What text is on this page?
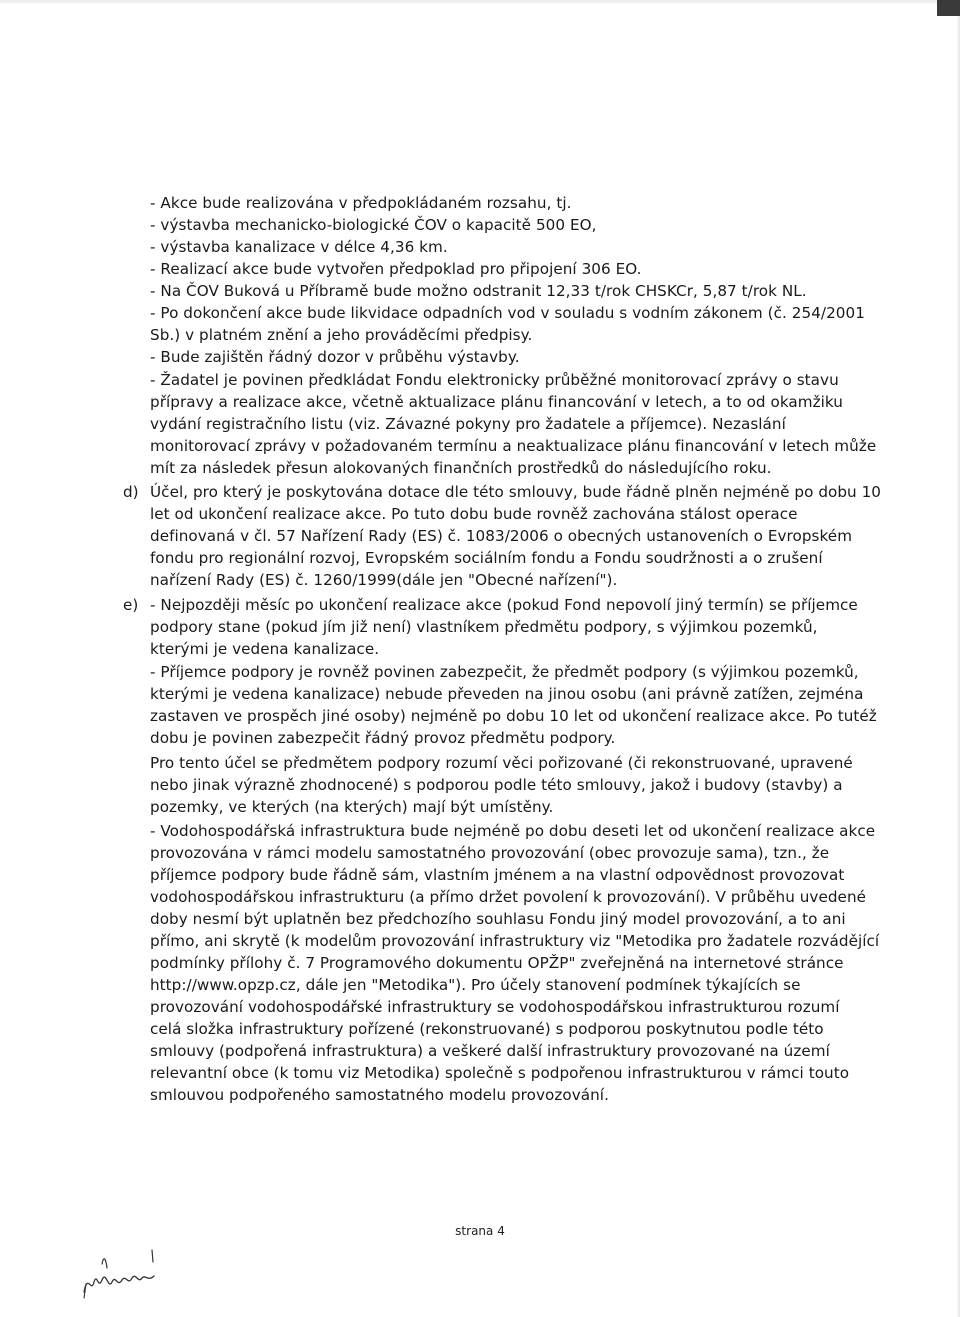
- Akce bude realizována v předpokládaném rozsahu, tj.
- výstavba mechanicko-biologické ČOV o kapacitě 500 EO,
- výstavba kanalizace v délce 4,36 km.
- Realizací akce bude vytvořen předpoklad pro připojení 306 EO.
- Na ČOV Buková u Příbramě bude možno odstranit 12,33 t/rok CHSKCr, 5,87 t/rok NL.
- Po dokončení akce bude likvidace odpadních vod v souladu s vodním zákonem (č. 254/2001
Sb.) v platném znění a jeho prováděcími předpisy.
- Bude zajištěn řádný dozor v průběhu výstavby.
- Žadatel je povinen předkládat Fondu elektronicky průběžné monitorovací zprávy o stavu
přípravy a realizace akce, včetně aktualizace plánu financování v letech, a to od okamžiku
vydání registračního listu (viz. Závazné pokyny pro žadatele a příjemce). Nezaslání
monitorovací zprávy v požadovaném termínu a neaktualizace plánu financování v letech může
mít za následek přesun alokovaných finančních prostředků do následujícího roku.
d) Účel, pro který je poskytována dotace dle této smlouvy, bude řádně plněn nejméně po dobu 10
let od ukončení realizace akce. Po tuto dobu bude rovněž zachována stálost operace
definovaná v čl. 57 Nařízení Rady (ES) č. 1083/2006 o obecných ustanoveních o Evropském
fondu pro regionální rozvoj, Evropském sociálním fondu a Fondu soudržnosti a o zrušení
nařízení Rady (ES) č. 1260/1999(dále jen "Obecné nařízení").
e) - Nejpozději měsíc po ukončení realizace akce (pokud Fond nepovolí jiný termín) se příjemce
podpory stane (pokud jím již není) vlastníkem předmětu podpory, s výjimkou pozemků,
kterými je vedena kanalizace.
- Příjemce podpory je rovněž povinen zabezpečit, že předmět podpory (s výjimkou pozemků,
kterými je vedena kanalizace) nebude převeden na jinou osobu (ani právně zatížen, zejména
zastaven ve prospěch jiné osoby) nejméně po dobu 10 let od ukončení realizace akce. Po tutéž
dobu je povinen zabezpečit řádný provoz předmětu podpory.
Pro tento účel se předmětem podpory rozumí věci pořizované (či rekonstruované, upravené
nebo jinak výrazně zhodnocené) s podporou podle této smlouvy, jakož i budovy (stavby) a
pozemky, ve kterých (na kterých) mají být umístěny.
- Vodohospodářská infrastruktura bude nejméně po dobu deseti let od ukončení realizace akce
provozována v rámci modelu samostatného provozování (obec provozuje sama), tzn., že
příjemce podpory bude řádně sám, vlastním jménem a na vlastní odpovědnost provozovat
vodohospodářskou infrastrukturu (a přímo držet povolení k provozování). V průběhu uvedené
doby nesmí být uplatněn bez předchozího souhlasu Fondu jiný model provozování, a to ani
přímo, ani skrytě (k modelům provozování infrastruktury viz "Metodika pro žadatele rozvádějící
podmínky přílohy č. 7 Programového dokumentu OPŽP" zveřejněná na internetové stránce
http://www.opzp.cz, dále jen "Metodika"). Pro účely stanovení podmínek týkajících se
provozování vodohospodářské infrastruktury se vodohospodářskou infrastrukturou rozumí
celá složka infrastruktury pořízené (rekonstruované) s podporou poskytnutou podle této
smlouvy (podpořená infrastruktura) a veškeré další infrastruktury provozované na území
relevantní obce (k tomu viz Metodika) společně s podpořenou infrastrukturou v rámci touto
smlouvou podpořeného samostatného modelu provozování.
strana 4
